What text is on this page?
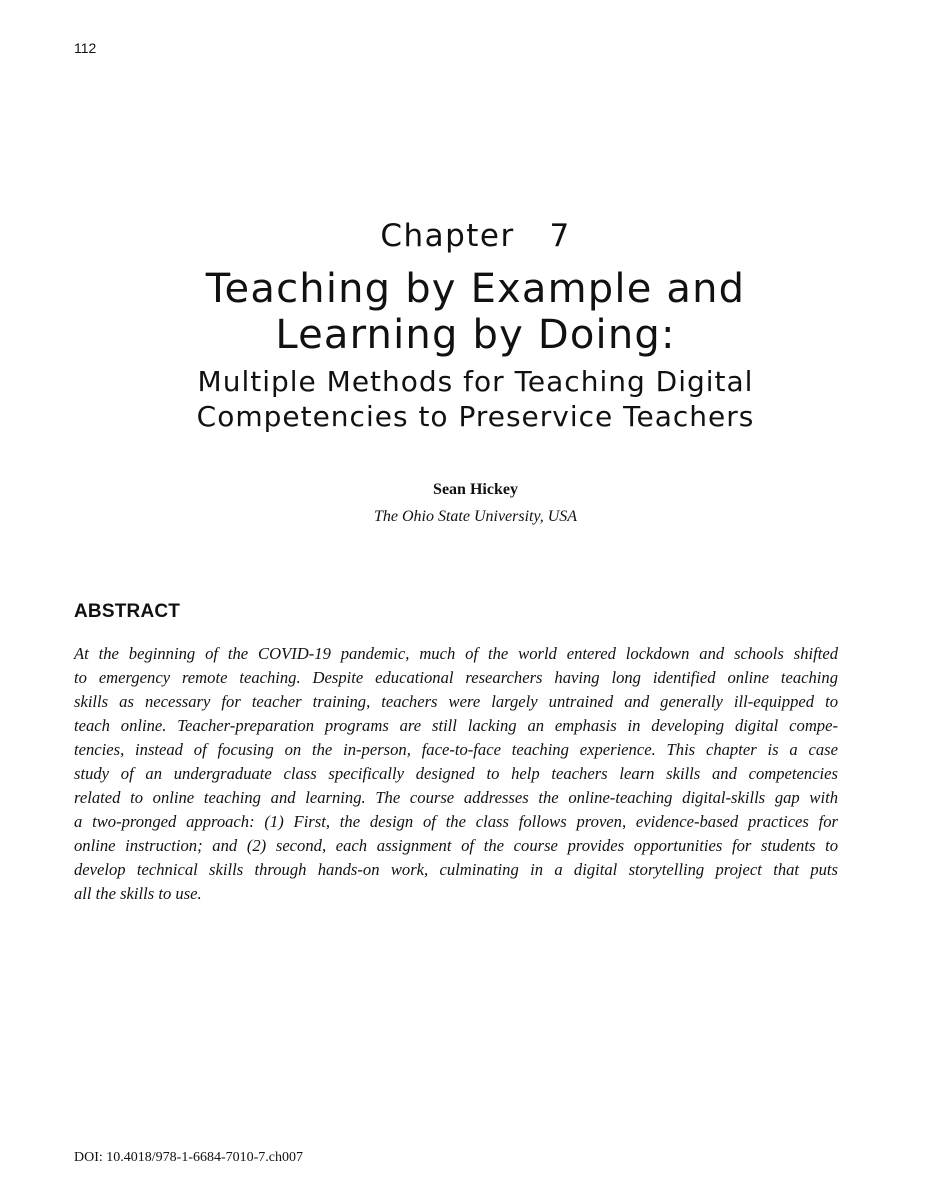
112
Chapter  7
Teaching by Example and
Learning by Doing:
Multiple Methods for Teaching Digital
Competencies to Preservice Teachers
Sean Hickey
The Ohio State University, USA
ABSTRACT
At the beginning of the COVID-19 pandemic, much of the world entered lockdown and schools shifted
to emergency remote teaching. Despite educational researchers having long identified online teaching
skills as necessary for teacher training, teachers were largely untrained and generally ill-equipped to
teach online. Teacher-preparation programs are still lacking an emphasis in developing digital compe-
tencies, instead of focusing on the in-person, face-to-face teaching experience. This chapter is a case
study of an undergraduate class specifically designed to help teachers learn skills and competencies
related to online teaching and learning. The course addresses the online-teaching digital-skills gap with
a two-pronged approach: (1) First, the design of the class follows proven, evidence-based practices for
online instruction; and (2) second, each assignment of the course provides opportunities for students to
develop technical skills through hands-on work, culminating in a digital storytelling project that puts
all the skills to use.
DOI: 10.4018/978-1-6684-7010-7.ch007
